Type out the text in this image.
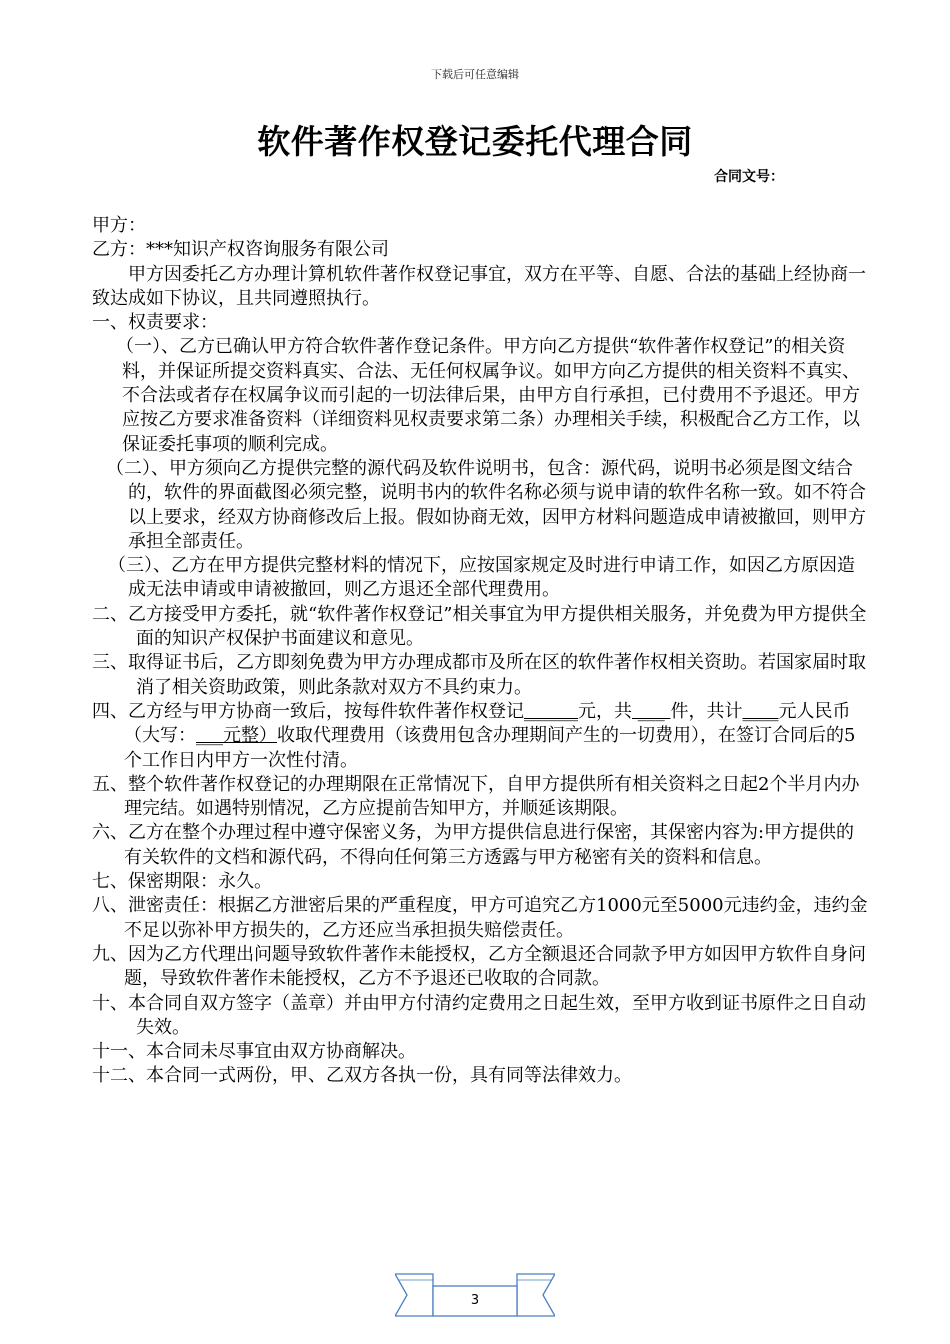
下载后可任意编辑
软件著作权登记委托代理合同
合同文号：

甲方：

乙方：***知识产权咨询服务有限公司

甲方因委托乙方办理计算机软件著作权登记事宜，双方在平等、自愿、合法的基础上经协商一致达成如下协议，且共同遵照执行。

一、权责要求：

（一）、乙方已确认甲方符合软件著作登记条件。甲方向乙方提供“软件著作权登记”的相关资料，并保证所提交资料真实、合法、无任何权属争议。如甲方向乙方提供的相关资料不真实、不合法或者存在权属争议而引起的一切法律后果，由甲方自行承担，已付费用不予退还。甲方应按乙方要求准备资料（详细资料见权责要求第二条）办理相关手续，积极配合乙方工作，以保证委托事项的顺利完成。

（二）、甲方须向乙方提供完整的源代码及软件说明书，包含：源代码，说明书必须是图文结合的，软件的界面截图必须完整，说明书内的软件名称必须与说申请的软件名称一致。如不符合以上要求，经双方协商修改后上报。假如协商无效，因甲方材料问题造成申请被撤回，则甲方承担全部责任。

（三）、乙方在甲方提供完整材料的情况下，应按国家规定及时进行申请工作，如因乙方原因造成无法申请或申请被撤回，则乙方退还全部代理费用。

二、乙方接受甲方委托，就“软件著作权登记”相关事宜为甲方提供相关服务，并免费为甲方提供全面的知识产权保护书面建议和意见。

三、取得证书后，乙方即刻免费为甲方办理成都市及所在区的软件著作权相关资助。若国家届时取消了相关资助政策，则此条款对双方不具约束力。

四、乙方经与甲方协商一致后，按每件软件著作权登记______元，共 ___ 件，共计____元人民币（大写：___元整）收取代理费用（该费用包含办理期间产生的一切费用），在签订合同后的5个工作日内甲方一次性付清。

五、整个软件著作权登记的办理期限在正常情况下，自甲方提供所有相关资料之日起2个半月内办理完结。如遇特别情况，乙方应提前告知甲方，并顺延该期限。

六、乙方在整个办理过程中遵守保密义务，为甲方提供信息进行保密，其保密内容为:甲方提供的有关软件的文档和源代码，不得向任何第三方透露与甲方秘密有关的资料和信息。

七、保密期限：永久。

八、泄密责任：根据乙方泄密后果的严重程度，甲方可追究乙方1000元至5000元违约金，违约金不足以弥补甲方损失的，乙方还应当承担损失赔偿责任。

九、因为乙方代理出问题导致软件著作未能授权，乙方全额退还合同款予甲方如因甲方软件自身问题，导致软件著作未能授权，乙方不予退还已收取的合同款。

十、本合同自双方签字（盖章）并由甲方付清约定费用之日起生效，至甲方收到证书原件之日自动失效。

十一、本合同未尽事宜由双方协商解决。

十二、本合同一式两份，甲、乙双方各执一份，具有同等法律效力。

3
